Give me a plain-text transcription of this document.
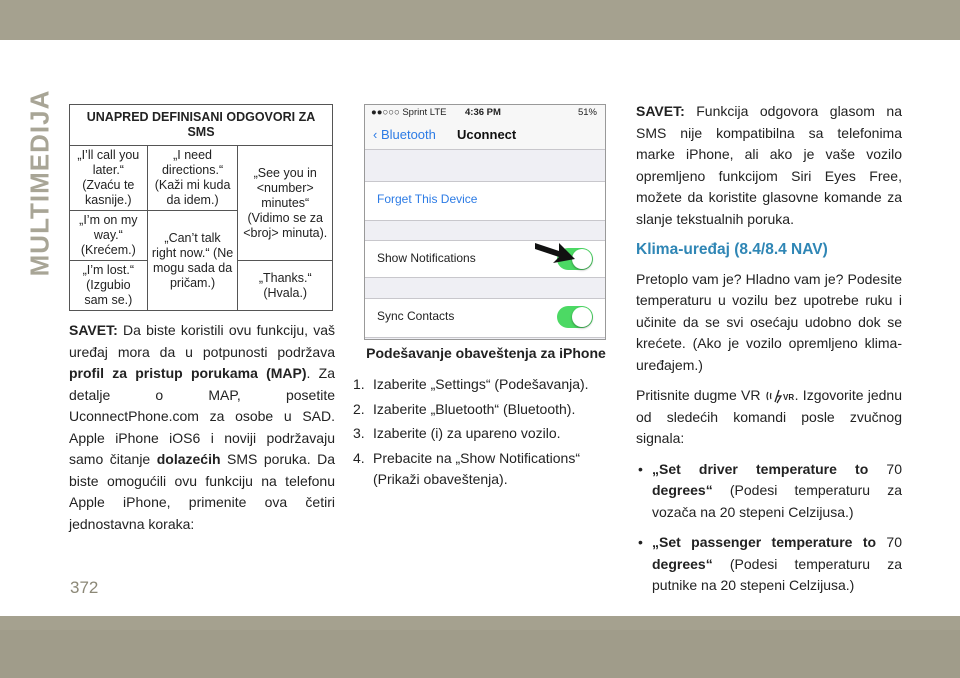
MULTIMEDIJA	UNAPRED DEFINISANI ODGOVORI ZA SMS		
„I’ll call you later.“ (Zvaću te kasnije.)	„I need directions.“ (Kaži mi kuda da idem.)	„See you in <number> minutes“ (Vidimo se za <broj> minuta).
„I’m on my way.“ (Krećem.)	„Can’t talk right now.“ (Ne mogu sada da pričam.)	
„I’m lost.“ (Izgubio sam se.)		„Thanks.“ (Hvala.)
SAVET: Da biste koristili ovu funkciju, vaš uređaj mora da u potpunosti podržava profil za pristup porukama (MAP). Za detalje o MAP, posetite UconnectPhone.com za osobe u SAD. Apple iPhone iOS6 i noviji podržavaju samo čitanje dolazećih SMS poruka. Da biste omogućili ovu funkciju na telefonu Apple iPhone, primenite ova četiri jednostavna koraka:
●●○○○ Sprint LTE 4:36 PM	51%
‹ Bluetooth Uconnect
Forget This Device
Show Notifications
Sync Contacts
Podešavanje obaveštenja za iPhone
1. Izaberite „Settings“ (Podešavanja).
2. Izaberite „Bluetooth“ (Bluetooth).
3. Izaberite (i) za upareno vozilo.
4. Prebacite na „Show Notifications“ (Prikaži obaveštenja).

SAVET: Funkcija odgovora glasom na SMS nije kompatibilna sa telefonima marke iPhone, ali ako je vaše vozilo opremljeno funkcijom Siri Eyes Free, možete da koristite glasovne komande za slanje tekstualnih poruka.

Klima-uređaj (8.4/8.4 NAV)

Pretoplo vam je? Hladno vam je? Podesite temperaturu u vozilu bez upotrebe ruku i učinite da se svi osećaju udobno dok se krećete. (Ako je vozilo opremljeno klima-uređajem.)

Pritisnite dugme VR VR . Izgovorite jednu od sledećih komandi posle zvučnog signala:

• „Set driver temperature to 70 degrees“ (Podesi temperaturu za vozača na 20 stepeni Celzijusa.)

• „Set passenger temperature to 70 degrees“ (Podesi temperaturu za putnike na 20 stepeni Celzijusa.)

372
